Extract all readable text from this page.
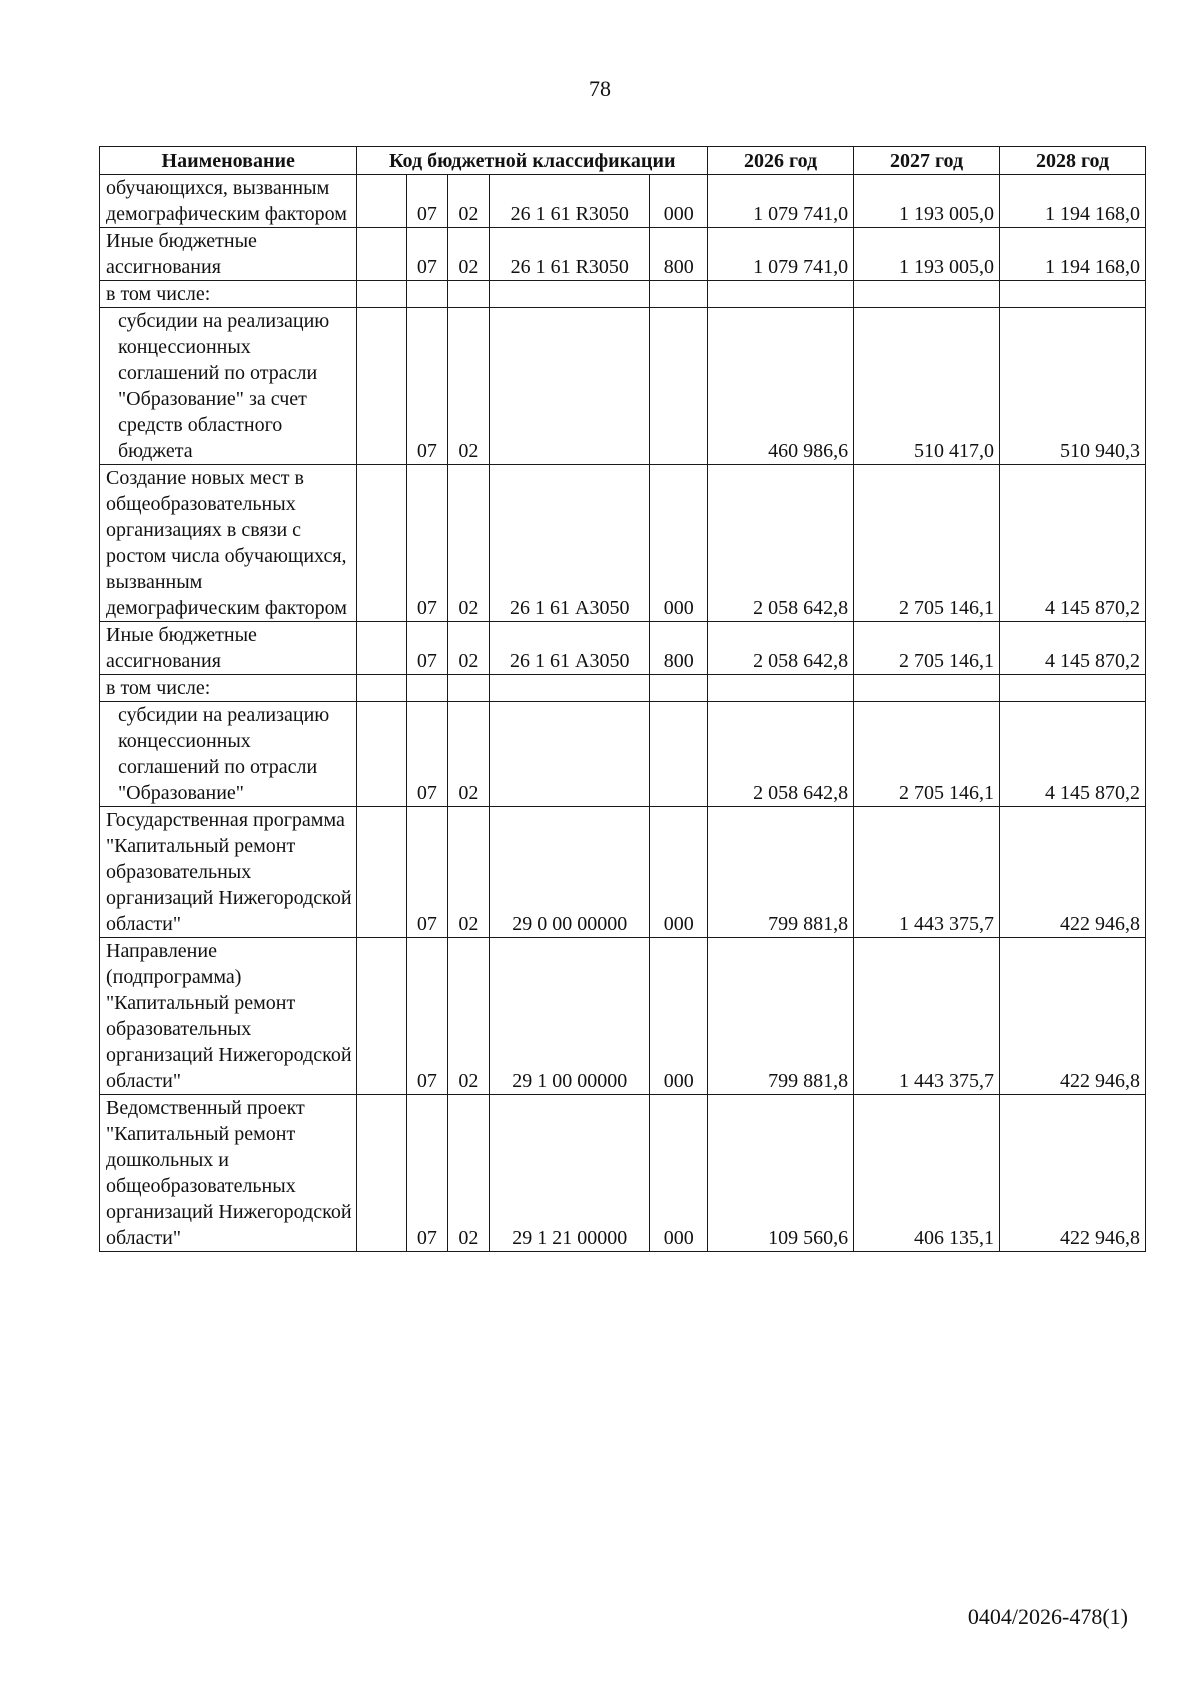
78
Наименование	Код бюджетной классификации					2026 год	2027 год	2028 год
обучающихся, вызванным демографическим фактором		07	02	26 1 61 R3050	000	1 079 741,0	1 193 005,0	1 194 168,0
Иные бюджетные ассигнования		07	02	26 1 61 R3050	800	1 079 741,0	1 193 005,0	1 194 168,0
в том числе:								
субсидии на реализацию концессионных соглашений по отрасли "Образование" за счет средств областного бюджета		07	02			460 986,6	510 417,0	510 940,3
Создание новых мест в общеобразовательных организациях в связи с ростом числа обучающихся, вызванным демографическим фактором		07	02	26 1 61 А3050	000	2 058 642,8	2 705 146,1	4 145 870,2
Иные бюджетные ассигнования		07	02	26 1 61 А3050	800	2 058 642,8	2 705 146,1	4 145 870,2
в том числе:								
субсидии на реализацию концессионных соглашений по отрасли "Образование"		07	02			2 058 642,8	2 705 146,1	4 145 870,2
Государственная программа "Капитальный ремонт образовательных организаций Нижегородской области"		07	02	29 0 00 00000	000	799 881,8	1 443 375,7	422 946,8
Направление (подпрограмма) "Капитальный ремонт образовательных организаций Нижегородской области"		07	02	29 1 00 00000	000	799 881,8	1 443 375,7	422 946,8
Ведомственный проект "Капитальный ремонт дошкольных и общеобразовательных организаций Нижегородской области"		07	02	29 1 21 00000	000	109 560,6	406 135,1	422 946,8
0404/2026-478(1)
